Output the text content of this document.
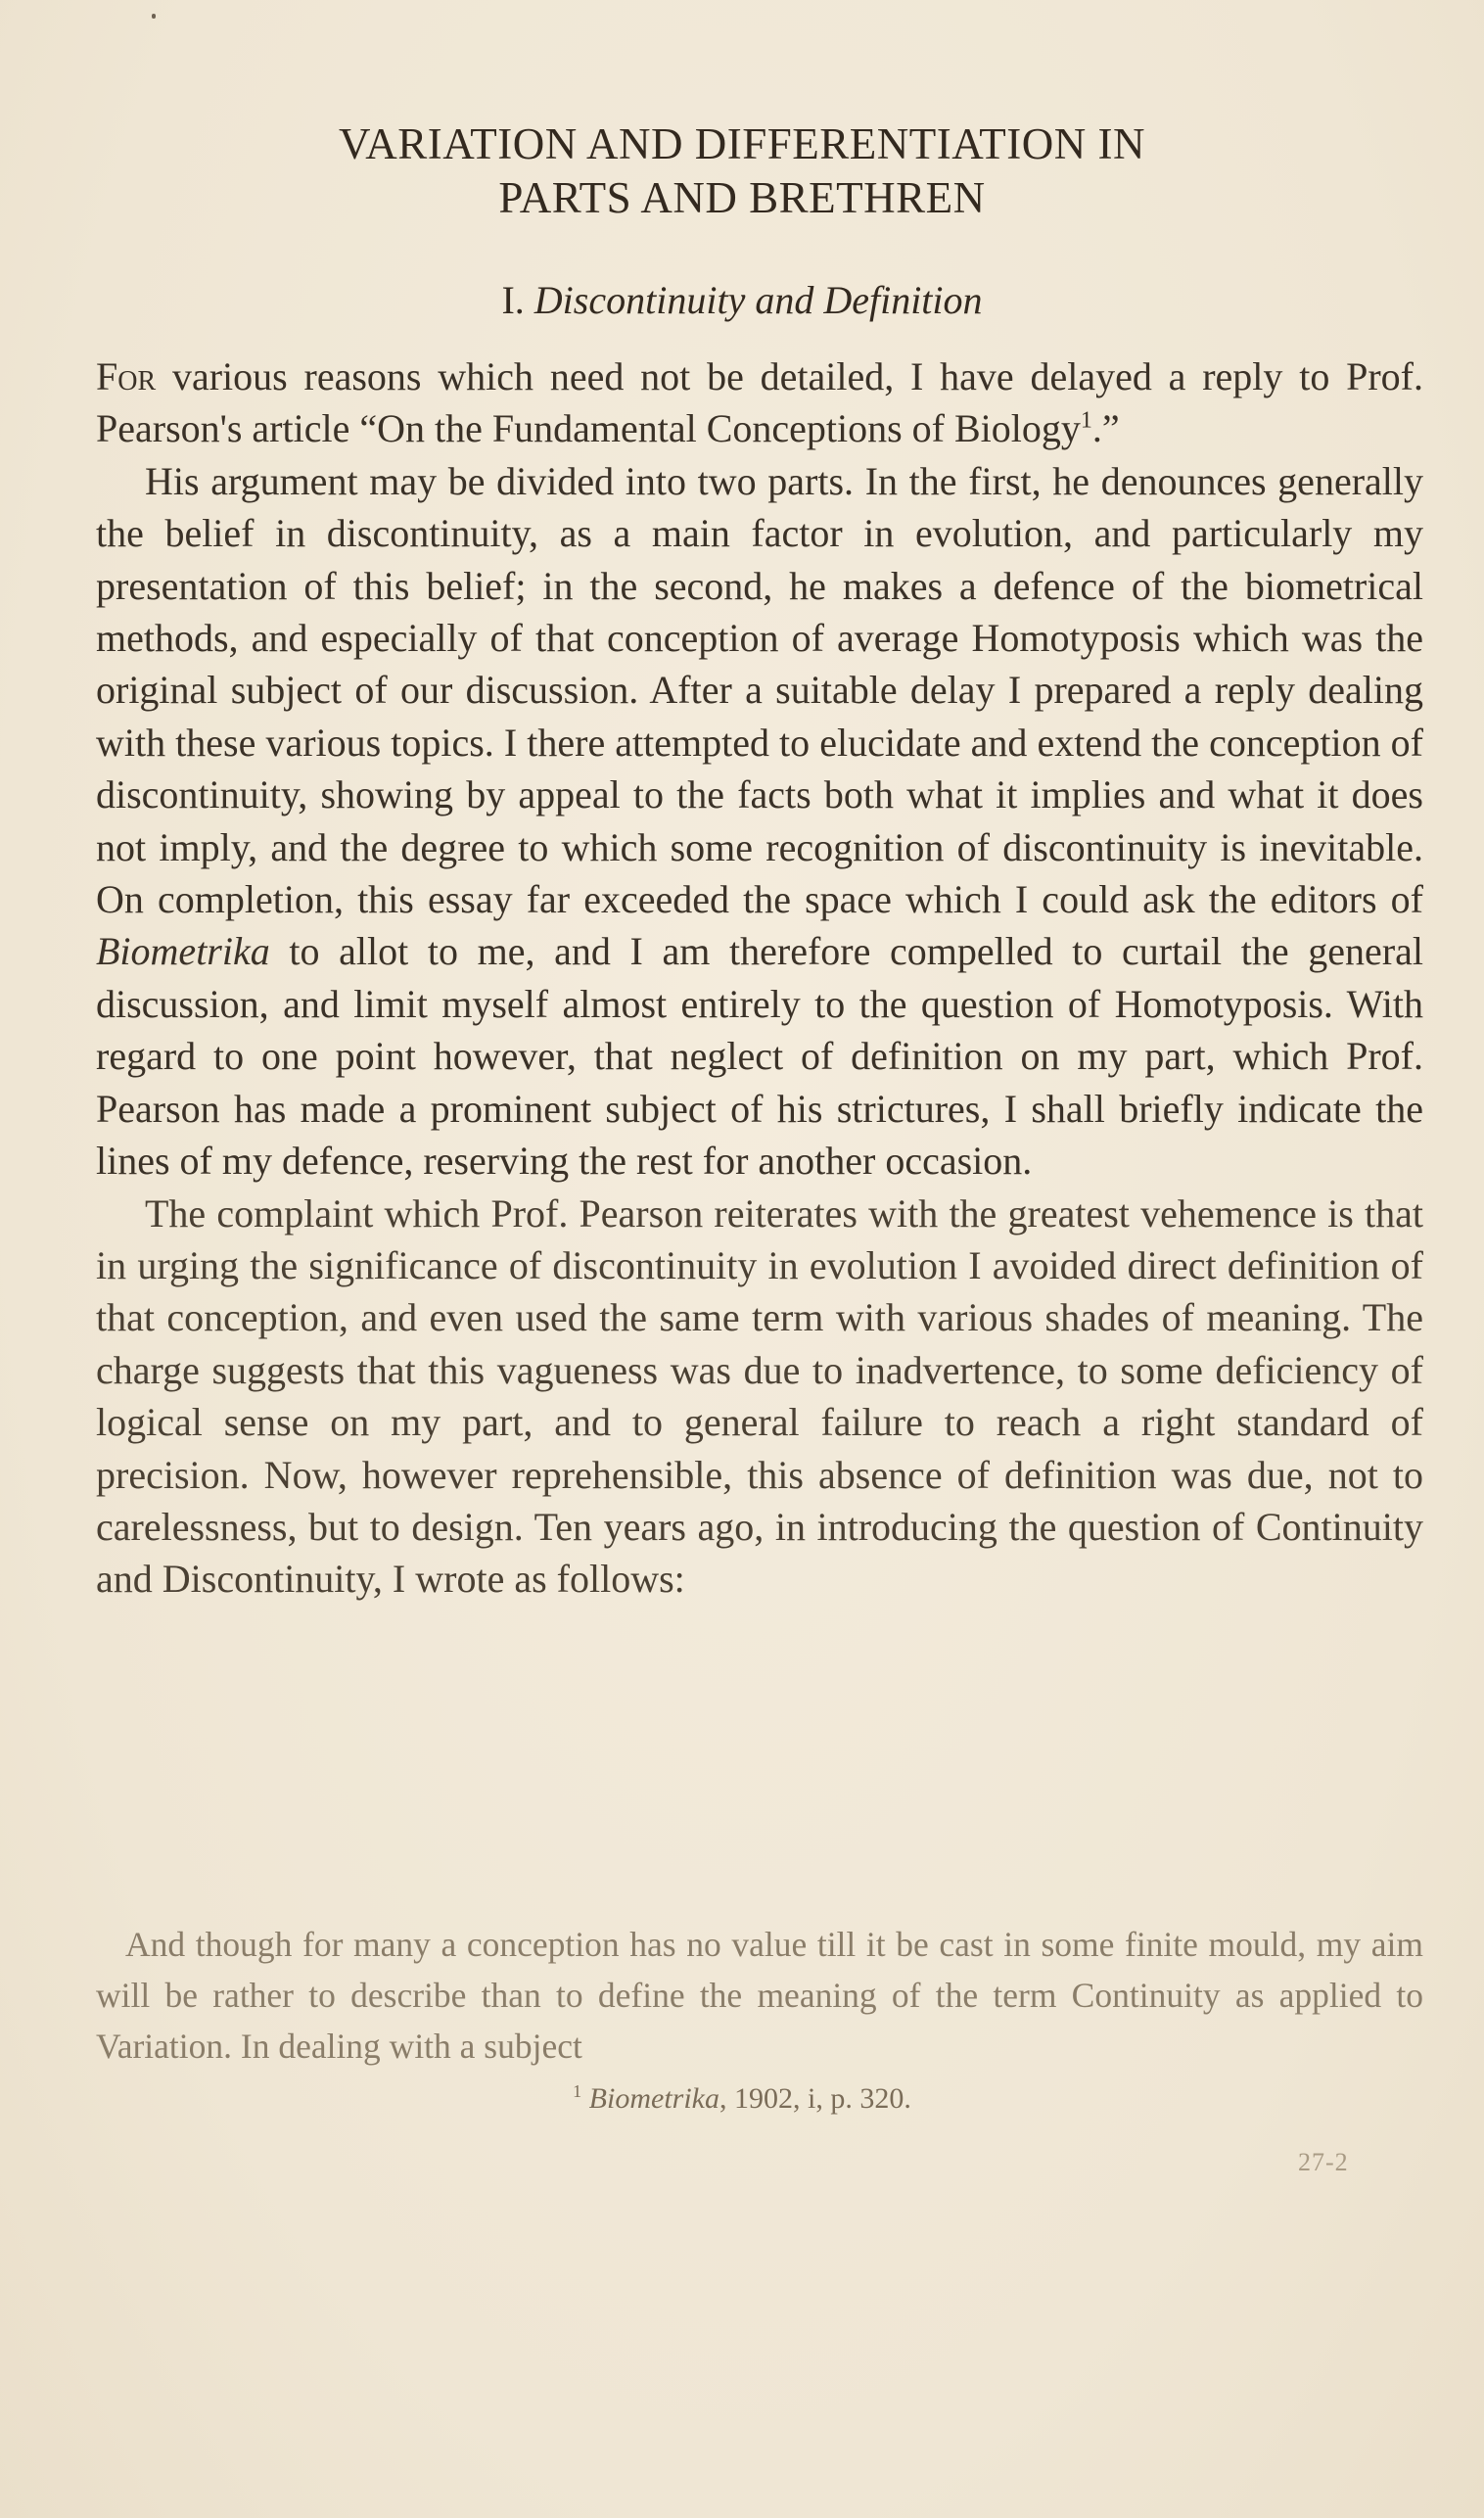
VARIATION AND DIFFERENTIATION IN
PARTS AND BRETHREN
I. Discontinuity and Definition

For various reasons which need not be detailed, I have delayed a reply to Prof. Pearson's article “On the Fundamental Conceptions of Biology$^1$.”

His argument may be divided into two parts. In the first, he denounces generally the belief in discontinuity, as a main factor in evolution, and particularly my presentation of this belief; in the second, he makes a defence of the biometrical methods, and especially of that conception of average Homotyposis which was the original subject of our discussion. After a suitable delay I prepared a reply dealing with these various topics. I there attempted to elucidate and extend the conception of discontinuity, showing by appeal to the facts both what it implies and what it does not imply, and the degree to which some recognition of discontinuity is inevitable. On completion, this essay far exceeded the space which I could ask the editors of Biometrika to allot to me, and I am therefore compelled to curtail the general discussion, and limit myself almost entirely to the question of Homotyposis. With regard to one point however, that neglect of definition on my part, which Prof. Pearson has made a prominent subject of his strictures, I shall briefly indicate the lines of my defence, reserving the rest for another occasion.

The complaint which Prof. Pearson reiterates with the greatest vehemence is that in urging the significance of discontinuity in evolution I avoided direct definition of that conception, and even used the same term with various shades of meaning. The charge suggests that this vagueness was due to inadvertence, to some deficiency of logical sense on my part, and to general failure to reach a right standard of precision. Now, however reprehensible, this absence of definition was due, not to carelessness, but to design. Ten years ago, in introducing the question of Continuity and Discontinuity, I wrote as follows:

And though for many a conception has no value till it be cast in some finite mould, my aim will be rather to describe than to define the meaning of the term Continuity as applied to Variation. In dealing with a subject

$^1$ Biometrika, 1902, i, p. 320.
27-2
